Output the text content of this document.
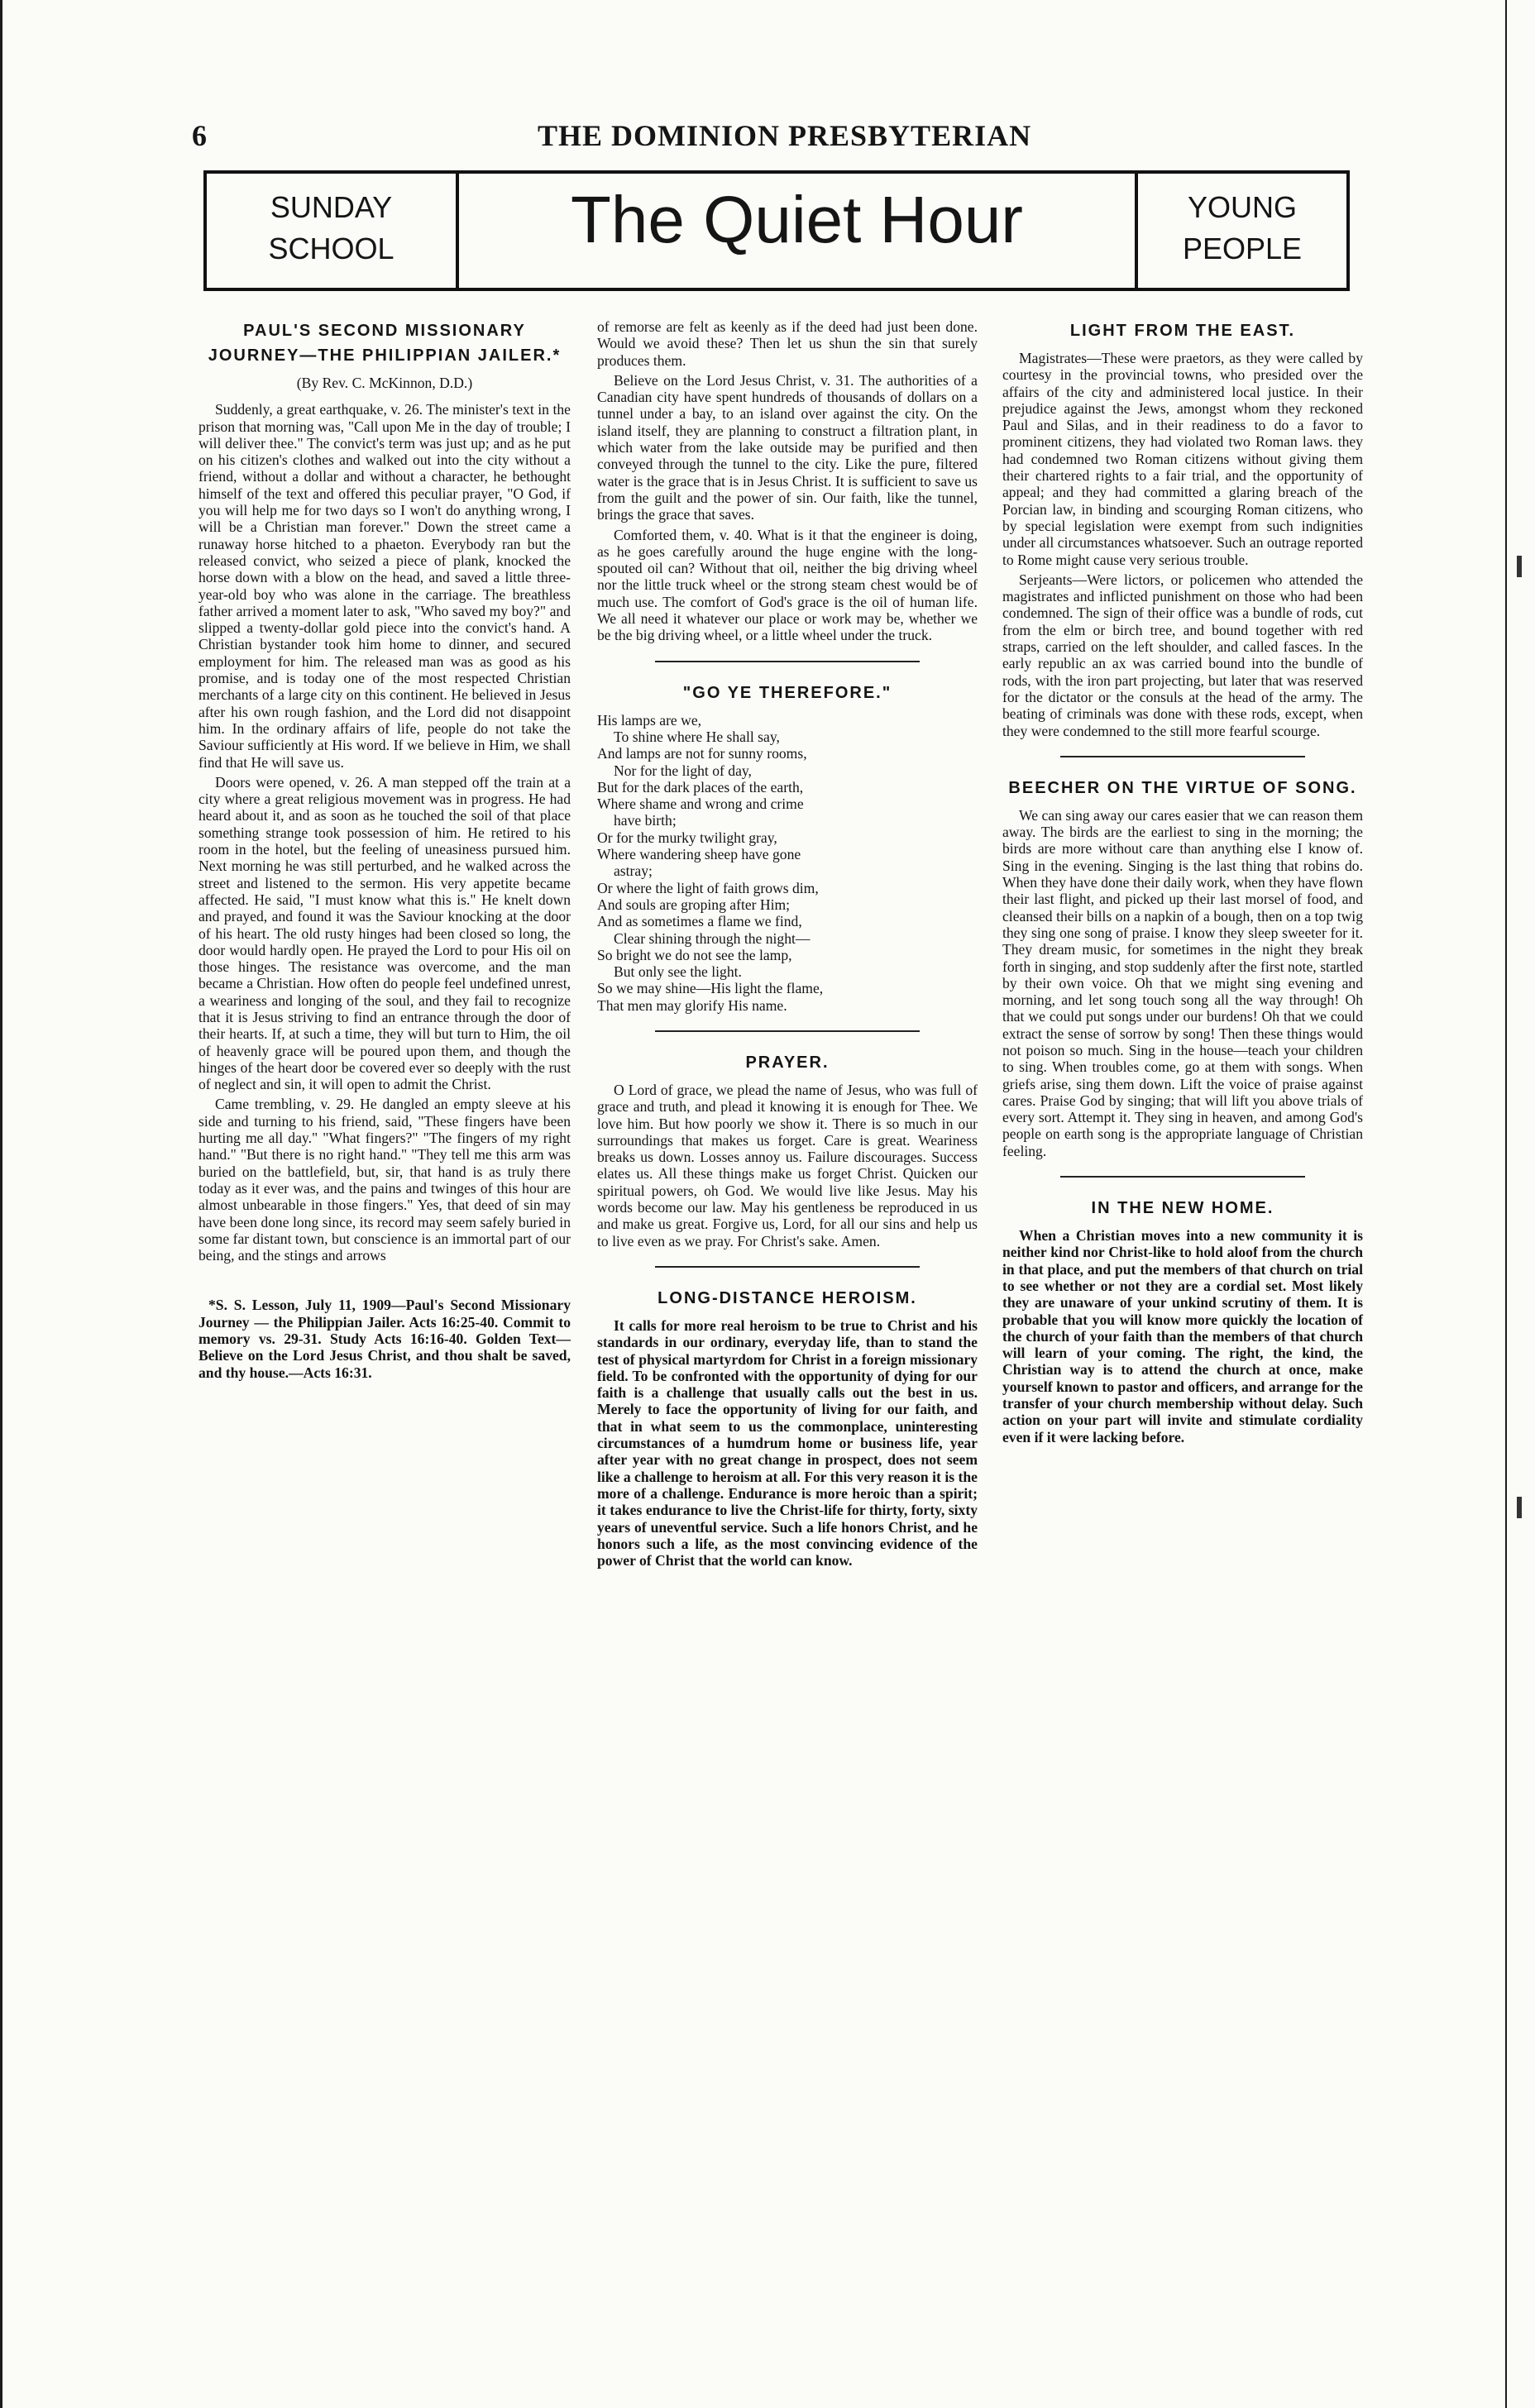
6	THE DOMINION PRESBYTERIAN
SUNDAY
SCHOOL	The Quiet Hour	YOUNG
PEOPLE
PAUL'S SECOND MISSIONARY JOURNEY—THE PHILIPPIAN JAILER.*
(By Rev. C. McKinnon, D.D.)

Suddenly, a great earthquake, v. 26. The minister's text in the prison that morning was, "Call upon Me in the day of trouble; I will deliver thee." The convict's term was just up; and as he put on his citizen's clothes and walked out into the city without a friend, without a dollar and without a character, he bethought himself of the text and offered this peculiar prayer, "O God, if you will help me for two days so I won't do anything wrong, I will be a Christian man forever." Down the street came a runaway horse hitched to a phaeton. Everybody ran but the released convict, who seized a piece of plank, knocked the horse down with a blow on the head, and saved a little three-year-old boy who was alone in the carriage. The breathless father arrived a moment later to ask, "Who saved my boy?" and slipped a twenty-dollar gold piece into the convict's hand. A Christian bystander took him home to dinner, and secured employment for him. The released man was as good as his promise, and is today one of the most respected Christian merchants of a large city on this continent. He believed in Jesus after his own rough fashion, and the Lord did not disappoint him. In the ordinary affairs of life, people do not take the Saviour sufficiently at His word. If we believe in Him, we shall find that He will save us.

Doors were opened, v. 26. A man stepped off the train at a city where a great religious movement was in progress. He had heard about it, and as soon as he touched the soil of that place something strange took possession of him. He retired to his room in the hotel, but the feeling of uneasiness pursued him. Next morning he was still perturbed, and he walked across the street and listened to the sermon. His very appetite became affected. He said, "I must know what this is." He knelt down and prayed, and found it was the Saviour knocking at the door of his heart. The old rusty hinges had been closed so long, the door would hardly open. He prayed the Lord to pour His oil on those hinges. The resistance was overcome, and the man became a Christian. How often do people feel undefined unrest, a weariness and longing of the soul, and they fail to recognize that it is Jesus striving to find an entrance through the door of their hearts. If, at such a time, they will but turn to Him, the oil of heavenly grace will be poured upon them, and though the hinges of the heart door be covered ever so deeply with the rust of neglect and sin, it will open to admit the Christ.

Came trembling, v. 29. He dangled an empty sleeve at his side and turning to his friend, said, "These fingers have been hurting me all day." "What fingers?" "The fingers of my right hand." "But there is no right hand." "They tell me this arm was buried on the battlefield, but, sir, that hand is as truly there today as it ever was, and the pains and twinges of this hour are almost unbearable in those fingers." Yes, that deed of sin may have been done long since, its record may seem safely buried in some far distant town, but conscience is an immortal part of our being, and the stings and arrows

*S. S. Lesson, July 11, 1909—Paul's Second Missionary Journey — the Philippian Jailer. Acts 16:25-40. Commit to memory vs. 29-31. Study Acts 16:16-40. Golden Text—Believe on the Lord Jesus Christ, and thou shalt be saved, and thy house.—Acts 16:31.

of remorse are felt as keenly as if the deed had just been done. Would we avoid these? Then let us shun the sin that surely produces them.

Believe on the Lord Jesus Christ, v. 31. The authorities of a Canadian city have spent hundreds of thousands of dollars on a tunnel under a bay, to an island over against the city. On the island itself, they are planning to construct a filtration plant, in which water from the lake outside may be purified and then conveyed through the tunnel to the city. Like the pure, filtered water is the grace that is in Jesus Christ. It is sufficient to save us from the guilt and the power of sin. Our faith, like the tunnel, brings the grace that saves.

Comforted them, v. 40. What is it that the engineer is doing, as he goes carefully around the huge engine with the long-spouted oil can? Without that oil, neither the big driving wheel nor the little truck wheel or the strong steam chest would be of much use. The comfort of God's grace is the oil of human life. We all need it whatever our place or work may be, whether we be the big driving wheel, or a little wheel under the truck.

"GO YE THEREFORE."
His lamps are we,
To shine where He shall say,
And lamps are not for sunny rooms,
Nor for the light of day,
But for the dark places of the earth,
Where shame and wrong and crime
have birth;
Or for the murky twilight gray,
Where wandering sheep have gone
astray;
Or where the light of faith grows dim,
And souls are groping after Him;
And as sometimes a flame we find,
Clear shining through the night—
So bright we do not see the lamp,
But only see the light.
So we may shine—His light the flame,
That men may glorify His name.
PRAYER.

O Lord of grace, we plead the name of Jesus, who was full of grace and truth, and plead it knowing it is enough for Thee. We love him. But how poorly we show it. There is so much in our surroundings that makes us forget. Care is great. Weariness breaks us down. Losses annoy us. Failure discourages. Success elates us. All these things make us forget Christ. Quicken our spiritual powers, oh God. We would live like Jesus. May his words become our law. May his gentleness be reproduced in us and make us great. Forgive us, Lord, for all our sins and help us to live even as we pray. For Christ's sake. Amen.

LONG-DISTANCE HEROISM.

It calls for more real heroism to be true to Christ and his standards in our ordinary, everyday life, than to stand the test of physical martyrdom for Christ in a foreign missionary field. To be confronted with the opportunity of dying for our faith is a challenge that usually calls out the best in us. Merely to face the opportunity of living for our faith, and that in what seem to us the commonplace, uninteresting circumstances of a humdrum home or business life, year after year with no great change in prospect, does not seem like a challenge to heroism at all. For this very reason it is the more of a challenge. Endurance is more heroic than a spirit; it takes endurance to live the Christ-life for thirty, forty, sixty years of uneventful service. Such a life honors Christ, and he honors such a life, as the most convincing evidence of the power of Christ that the world can know.

LIGHT FROM THE EAST.

Magistrates—These were praetors, as they were called by courtesy in the provincial towns, who presided over the affairs of the city and administered local justice. In their prejudice against the Jews, amongst whom they reckoned Paul and Silas, and in their readiness to do a favor to prominent citizens, they had violated two Roman laws. they had condemned two Roman citizens without giving them their chartered rights to a fair trial, and the opportunity of appeal; and they had committed a glaring breach of the Porcian law, in binding and scourging Roman citizens, who by special legislation were exempt from such indignities under all circumstances whatsoever. Such an outrage reported to Rome might cause very serious trouble.

Serjeants—Were lictors, or policemen who attended the magistrates and inflicted punishment on those who had been condemned. The sign of their office was a bundle of rods, cut from the elm or birch tree, and bound together with red straps, carried on the left shoulder, and called fasces. In the early republic an ax was carried bound into the bundle of rods, with the iron part projecting, but later that was reserved for the dictator or the consuls at the head of the army. The beating of criminals was done with these rods, except, when they were condemned to the still more fearful scourge.

BEECHER ON THE VIRTUE OF SONG.

We can sing away our cares easier that we can reason them away. The birds are the earliest to sing in the morning; the birds are more without care than anything else I know of. Sing in the evening. Singing is the last thing that robins do. When they have done their daily work, when they have flown their last flight, and picked up their last morsel of food, and cleansed their bills on a napkin of a bough, then on a top twig they sing one song of praise. I know they sleep sweeter for it. They dream music, for sometimes in the night they break forth in singing, and stop suddenly after the first note, startled by their own voice. Oh that we might sing evening and morning, and let song touch song all the way through! Oh that we could put songs under our burdens! Oh that we could extract the sense of sorrow by song! Then these things would not poison so much. Sing in the house—teach your children to sing. When troubles come, go at them with songs. When griefs arise, sing them down. Lift the voice of praise against cares. Praise God by singing; that will lift you above trials of every sort. Attempt it. They sing in heaven, and among God's people on earth song is the appropriate language of Christian feeling.

IN THE NEW HOME.

When a Christian moves into a new community it is neither kind nor Christ-like to hold aloof from the church in that place, and put the members of that church on trial to see whether or not they are a cordial set. Most likely they are unaware of your unkind scrutiny of them. It is probable that you will know more quickly the location of the church of your faith than the members of that church will learn of your coming. The right, the kind, the Christian way is to attend the church at once, make yourself known to pastor and officers, and arrange for the transfer of your church membership without delay. Such action on your part will invite and stimulate cordiality even if it were lacking before.
